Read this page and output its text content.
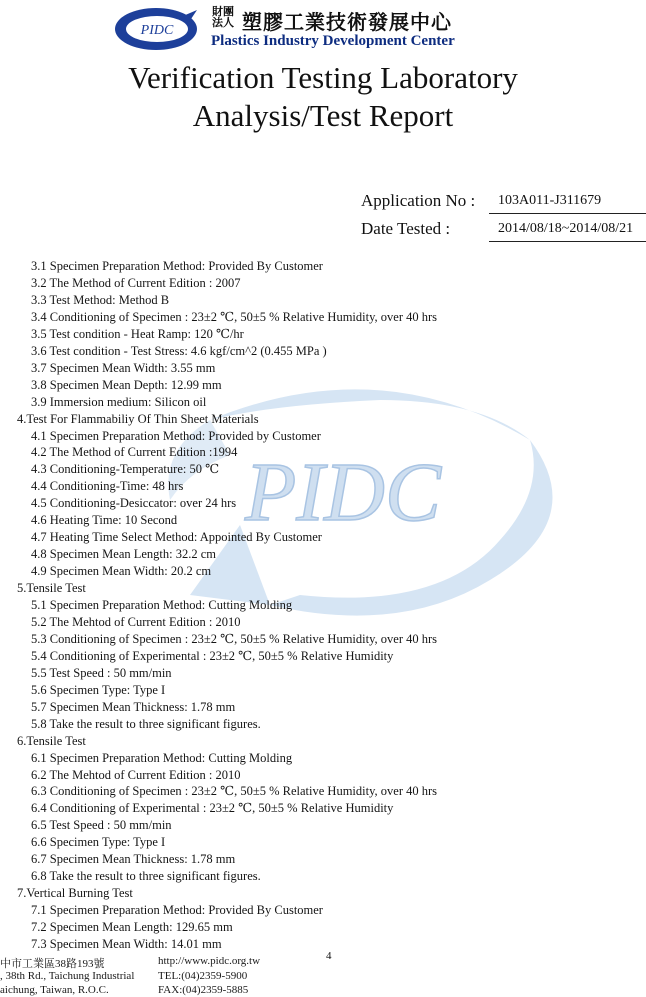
PIDC
PIDC
財團
法人 塑膠工業技術發展中心
Plastics Industry Development Center
Verification Testing Laboratory
Analysis/Test Report
Application No : 103A011-J311679
Date Tested :	2014/08/18~2014/08/21
3.1 Specimen Preparation Method: Provided By Customer
3.2 The Method of Current Edition : 2007
3.3 Test Method: Method B
3.4 Conditioning of Specimen : 23±2 ℃, 50±5 % Relative Humidity, over 40 hrs
3.5 Test condition - Heat Ramp: 120 ℃/hr
3.6 Test condition - Test Stress: 4.6 kgf/cm^2 (0.455 MPa )
3.7 Specimen Mean Width: 3.55 mm
3.8 Specimen Mean Depth: 12.99 mm
3.9 Immersion medium: Silicon oil
4.Test For Flammabiliy Of Thin Sheet Materials
4.1 Specimen Preparation Method: Provided by Customer
4.2 The Method of Current Edition :1994
4.3 Conditioning-Temperature: 50 ℃
4.4 Conditioning-Time: 48 hrs
4.5 Conditioning-Desiccator: over 24 hrs
4.6 Heating Time: 10 Second
4.7 Heating Time Select Method: Appointed By Customer
4.8 Specimen Mean Length: 32.2 cm
4.9 Specimen Mean Width: 20.2 cm
5.Tensile Test
5.1 Specimen Preparation Method: Cutting Molding
5.2 The Mehtod of Current Edition : 2010
5.3 Conditioning of Specimen : 23±2 ℃, 50±5 % Relative Humidity, over 40 hrs
5.4 Conditioning of Experimental : 23±2 ℃, 50±5 % Relative Humidity
5.5 Test Speed : 50 mm/min
5.6 Specimen Type: Type I
5.7 Specimen Mean Thickness: 1.78 mm
5.8 Take the result to three significant figures.
6.Tensile Test
6.1 Specimen Preparation Method: Cutting Molding
6.2 The Mehtod of Current Edition : 2010
6.3 Conditioning of Specimen : 23±2 ℃, 50±5 % Relative Humidity, over 40 hrs
6.4 Conditioning of Experimental : 23±2 ℃, 50±5 % Relative Humidity
6.5 Test Speed : 50 mm/min
6.6 Specimen Type: Type I
6.7 Specimen Mean Thickness: 1.78 mm
6.8 Take the result to three significant figures.
7.Vertical Burning Test
7.1 Specimen Preparation Method: Provided By Customer
7.2 Specimen Mean Length: 129.65 mm
7.3 Specimen Mean Width: 14.01 mm
中市工業區38路193號
, 38th Rd., Taichung Industrial
aichung, Taiwan, R.O.C.
http://www.pidc.org.tw
TEL:(04)2359-5900
FAX:(04)2359-5885
4
